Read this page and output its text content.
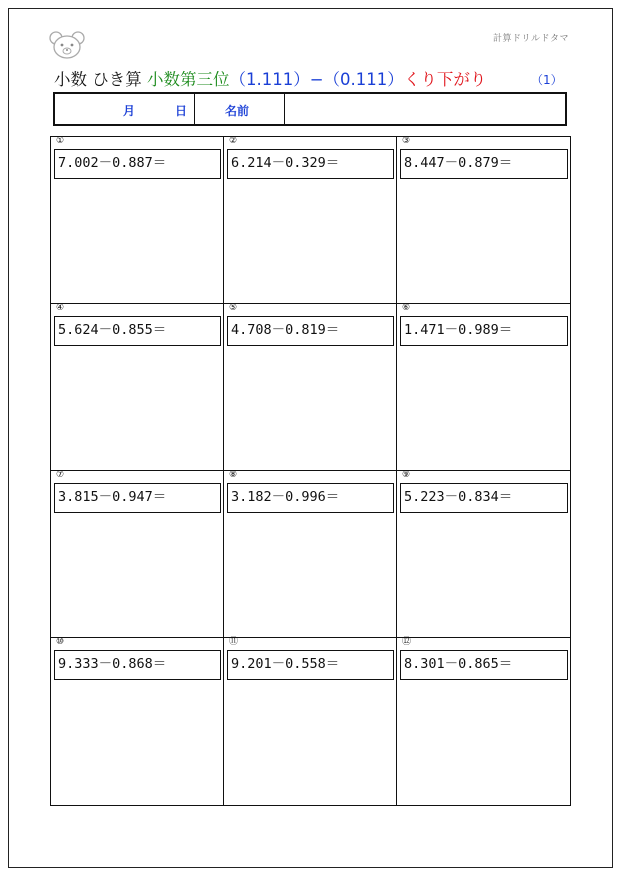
計算ドリルドタマ
小数 ひき算 小数第三位（1.111）−（0.111）くり下がり	（1）
月	日	名前
①
7.002－0.887＝
②
6.214－0.329＝
③
8.447－0.879＝
④
5.624－0.855＝
⑤
4.708－0.819＝
⑥
1.471－0.989＝
⑦
3.815－0.947＝
⑧
3.182－0.996＝
⑨
5.223－0.834＝
⑩
9.333－0.868＝
⑪
9.201－0.558＝
⑫
8.301－0.865＝
